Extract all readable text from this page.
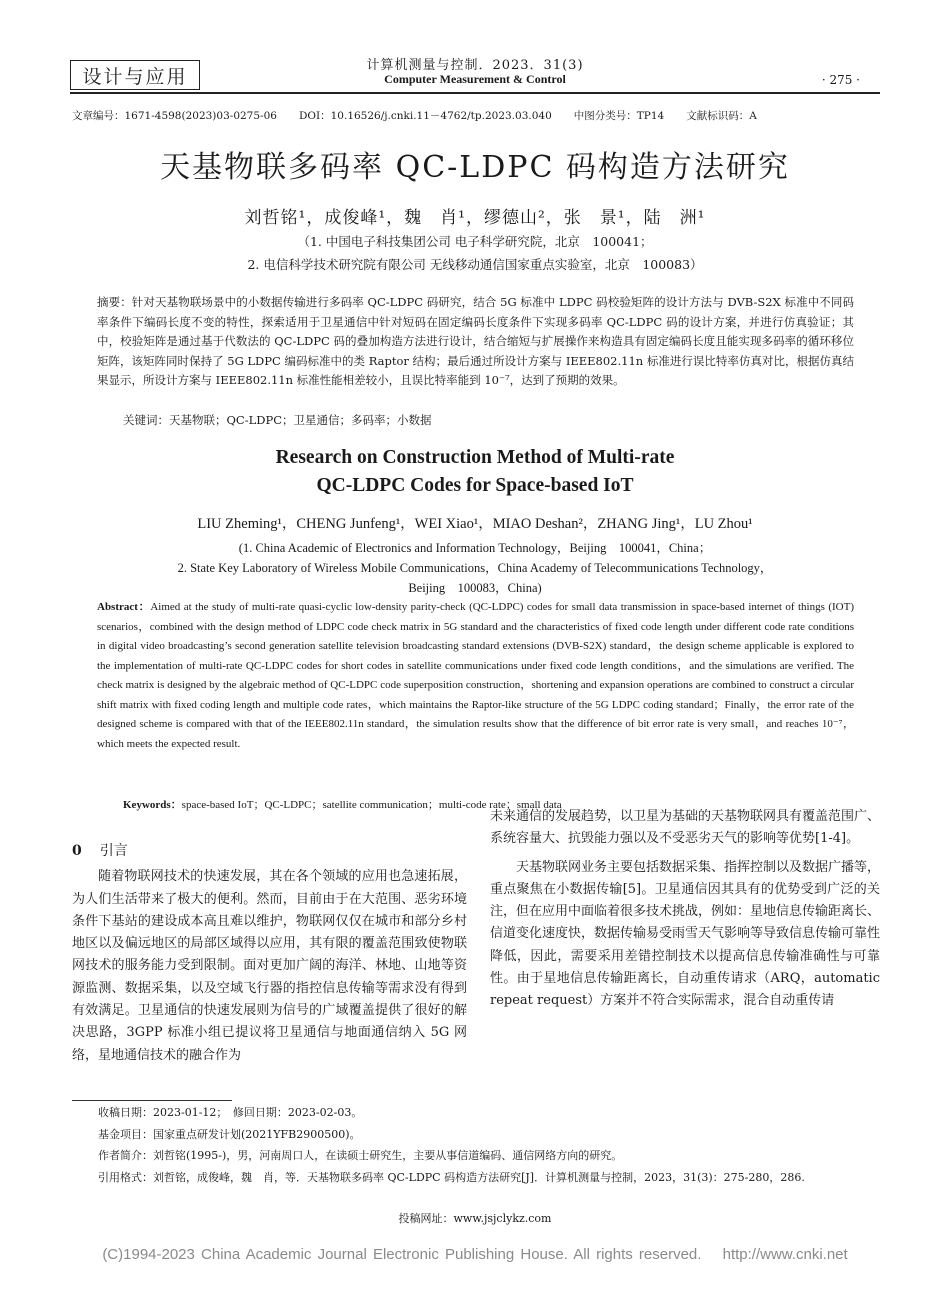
设计与应用	计算机测量与控制．2023．31(3)
Computer Measurement & Control	· 275 ·
文章编号：1671-4598(2023)03-0275-06 DOI：10.16526/j.cnki.11－4762/tp.2023.03.040 中图分类号：TP14 文献标识码：A
天基物联多码率 QC-LDPC 码构造方法研究
刘哲铭¹，成俊峰¹，魏　肖¹，缪德山²，张　景¹，陆　洲¹
（1. 中国电子科技集团公司 电子科学研究院，北京　100041；
2. 电信科学技术研究院有限公司 无线移动通信国家重点实验室，北京　100083）
摘要：针对天基物联场景中的小数据传输进行多码率 QC-LDPC 码研究，结合 5G 标准中 LDPC 码校验矩阵的设计方法与 DVB-S2X 标准中不同码率条件下编码长度不变的特性，探索适用于卫星通信中针对短码在固定编码长度条件下实现多码率 QC-LDPC 码的设计方案，并进行仿真验证；其中，校验矩阵是通过基于代数法的 QC-LDPC 码的叠加构造方法进行设计，结合缩短与扩展操作来构造具有固定编码长度且能实现多码率的循环移位矩阵，该矩阵同时保持了 5G LDPC 编码标准中的类 Raptor 结构；最后通过所设计方案与 IEEE802.11n 标准进行误比特率仿真对比，根据仿真结果显示，所设计方案与 IEEE802.11n 标准性能相差较小，且误比特率能到 10⁻⁷，达到了预期的效果。
关键词：天基物联；QC-LDPC；卫星通信；多码率；小数据
Research on Construction Method of Multi-rate
QC-LDPC Codes for Space-based IoT
LIU Zheming¹，CHENG Junfeng¹，WEI Xiao¹，MIAO Deshan²，ZHANG Jing¹，LU Zhou¹
(1. China Academic of Electronics and Information Technology，Beijing　100041，China；
2. State Key Laboratory of Wireless Mobile Communications，China Academy of Telecommunications Technology，
Beijing　100083，China)
Abstract：Aimed at the study of multi-rate quasi-cyclic low-density parity-check (QC-LDPC) codes for small data transmission in space-based internet of things (IOT) scenarios，combined with the design method of LDPC code check matrix in 5G standard and the characteristics of fixed code length under different code rate conditions in digital video broadcasting’s second generation satellite television broadcasting standard extensions (DVB-S2X) standard，the design scheme applicable is explored to the implementation of multi-rate QC-LDPC codes for short codes in satellite communications under fixed code length conditions，and the simulations are verified. The check matrix is designed by the algebraic method of QC-LDPC code superposition construction，shortening and expansion operations are combined to construct a circular shift matrix with fixed coding length and multiple code rates，which maintains the Raptor-like structure of the 5G LDPC coding standard；Finally，the error rate of the designed scheme is compared with that of the IEEE802.11n standard，the simulation results show that the difference of bit error rate is very small，and reaches 10⁻⁷，which meets the expected result.
Keywords：space-based IoT；QC-LDPC；satellite communication；multi-code rate；small data
0 引言

随着物联网技术的快速发展，其在各个领域的应用也急速拓展，为人们生活带来了极大的便利。然而，目前由于在大范围、恶劣环境条件下基站的建设成本高且难以维护，物联网仅仅在城市和部分乡村地区以及偏远地区的局部区域得以应用，其有限的覆盖范围致使物联网技术的服务能力受到限制。面对更加广阔的海洋、林地、山地等资源监测、数据采集，以及空域飞行器的指控信息传输等需求没有得到有效满足。卫星通信的快速发展则为信号的广域覆盖提供了很好的解决思路，3GPP 标准小组已提议将卫星通信与地面通信纳入 5G 网络，星地通信技术的融合作为

未来通信的发展趋势，以卫星为基础的天基物联网具有覆盖范围广、系统容量大、抗毁能力强以及不受恶劣天气的影响等优势[1-4]。

天基物联网业务主要包括数据采集、指挥控制以及数据广播等，重点聚焦在小数据传输[5]。卫星通信因其具有的优势受到广泛的关注，但在应用中面临着很多技术挑战，例如：星地信息传输距离长、信道变化速度快，数据传输易受雨雪天气影响等导致信息传输可靠性降低，因此，需要采用差错控制技术以提高信息传输准确性与可靠性。由于星地信息传输距离长，自动重传请求（ARQ，automatic repeat request）方案并不符合实际需求，混合自动重传请

收稿日期：2023-01-12；　修回日期：2023-02-03。
基金项目：国家重点研发计划(2021YFB2900500)。
作者简介：刘哲铭(1995-)，男，河南周口人，在读硕士研究生，主要从事信道编码、通信网络方向的研究。
引用格式：刘哲铭，成俊峰，魏　肖，等．天基物联多码率 QC-LDPC 码构造方法研究[J]．计算机测量与控制，2023，31(3)：275-280，286.
投稿网址：www.jsjclykz.com
(C)1994-2023 China Academic Journal Electronic Publishing House. All rights reserved.　 http://www.cnki.net
